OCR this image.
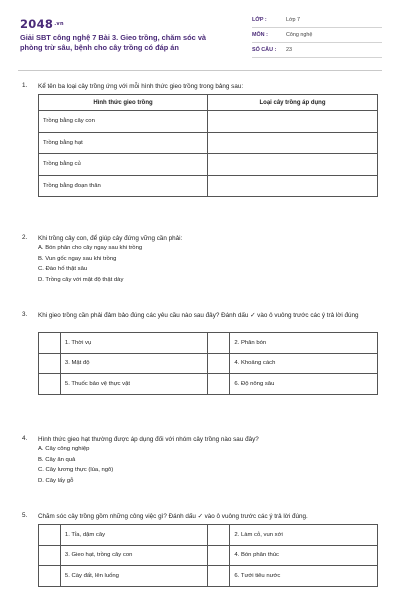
$2048^{.vn}$
Giải SBT công nghệ 7 Bài 3. Gieo trồng, chăm sóc và phòng trừ sâu, bệnh cho cây trồng có đáp án
LỚP :	Lớp 7
MÔN :	Công nghệ
SỐ CÂU :	23
1. Kể tên ba loại cây trồng ứng với mỗi hình thức gieo trồng trong bảng sau:
Hình thức gieo trồng	Loại cây trồng áp dụng
Trồng bằng cây con	
Trồng bằng hạt	
Trồng bằng củ	
Trồng bằng đoạn thân	
2. Khi trồng cây con, để giúp cây đứng vững cần phải:
A. Bón phân cho cây ngay sau khi trồng
B. Vun gốc ngay sau khi trồng
C. Đào hố thật sâu
D. Trồng cây với mật độ thật dày
3. Khi gieo trồng cần phải đảm bảo đúng các yêu cầu nào sau đây? Đánh dấu ✓ vào ô vuông trước các ý trả lời đúng
	1. Thời vụ		2. Phân bón
	3. Mật độ		4. Khoảng cách
	5. Thuốc bảo vệ thực vật		6. Độ nông sâu
4. Hình thức gieo hạt thường được áp dụng đối với nhóm cây trồng nào sau đây?
A. Cây công nghiệp
B. Cây ăn quả
C. Cây lương thực (lúa, ngô)
D. Cây lấy gỗ
5. Chăm sóc cây trồng gồm những công việc gì? Đánh dấu ✓ vào ô vuông trước các ý trả lời đúng.
	1. Tỉa, dặm cây		2. Làm cỏ, vun xới
	3. Gieo hạt, trồng cây con		4. Bón phân thúc
	5. Cày đất, lên luống		6. Tưới tiêu nước
